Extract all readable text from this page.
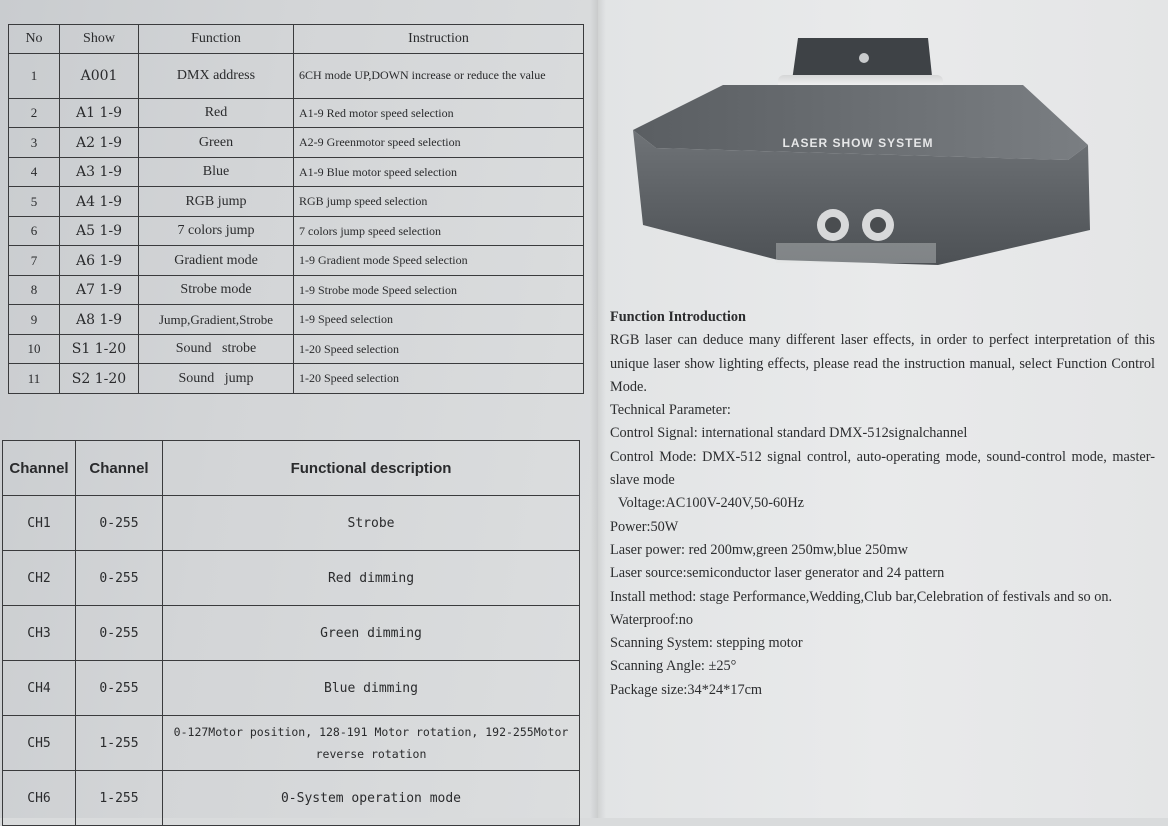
No	Show	Function	Instruction
1	A001	DMX address	6CH mode UP,DOWN increase or reduce the value
2	A1 1-9	Red	A1-9 Red motor speed selection
3	A2 1-9	Green	A2-9 Greenmotor speed selection
4	A3 1-9	Blue	A1-9 Blue motor speed selection
5	A4 1-9	RGB jump	RGB jump speed selection
6	A5 1-9	7 colors jump	7 colors jump speed selection
7	A6 1-9	Gradient mode	1-9 Gradient mode Speed selection
8	A7 1-9	Strobe mode	1-9 Strobe mode Speed selection
9	A8 1-9	Jump,Gradient,Strobe	1-9 Speed selection
10	S1 1-20	Sound   strobe	1-20 Speed selection
11	S2 1-20	Sound   jump	1-20 Speed selection
Channel	Channel	Functional description
CH1	0-255	Strobe
CH2	0-255	Red dimming
CH3	0-255	Green dimming
CH4	0-255	Blue dimming
CH5	1-255	0-127Motor position, 128-191 Motor rotation, 192-255Motor reverse rotation
CH6	1-255	0-System operation mode
LASER SHOW SYSTEM

Function Introduction

RGB laser can deduce many different laser effects, in order to perfect interpretation of this unique laser show lighting effects, please read the instruction manual, select Function Control Mode.

Technical Parameter:

Control Signal: international standard DMX-512signalchannel

Control Mode: DMX-512 signal control, auto-operating mode, sound-control mode, master-slave mode

Voltage:AC100V-240V,50-60Hz

Power:50W

Laser power: red 200mw,green 250mw,blue 250mw

Laser source:semiconductor laser generator and 24 pattern

Install method: stage Performance,Wedding,Club bar,Celebration of festivals and so on.

Waterproof:no

Scanning System: stepping motor

Scanning Angle: ±25°

Package size:34*24*17cm
